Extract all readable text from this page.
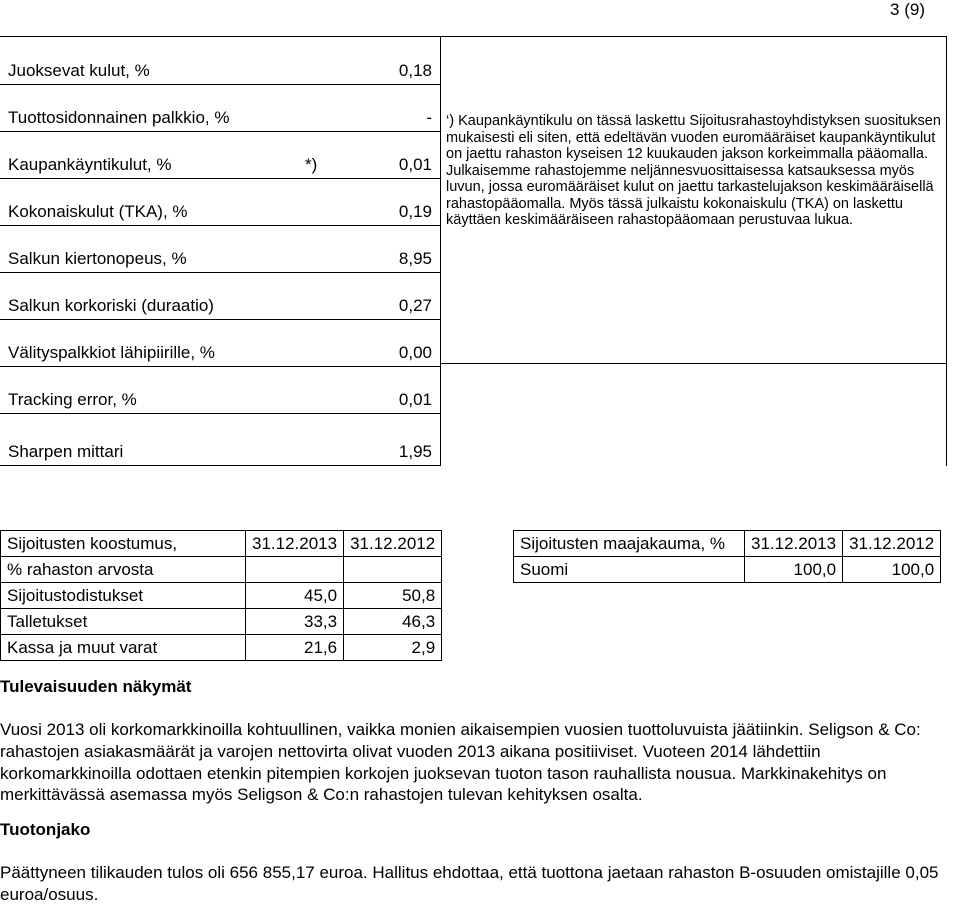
3 (9)
Juoksevat kulut, %	0,18
Tuottosidonnainen palkkio, %	-
Kaupankäyntikulut, %	*)	0,01
Kokonaiskulut (TKA), %	0,19
Salkun kiertonopeus, %	8,95
Salkun korkoriski (duraatio)	0,27
Välityspalkkiot lähipiirille, %	0,00
Tracking error, %	0,01
Sharpen mittari	1,95
‘) Kaupankäyntikulu on tässä laskettu Sijoitusrahastoyhdistyksen suosituksen mukaisesti eli siten, että edeltävän vuoden euromääräiset kaupankäyntikulut on jaettu rahaston kyseisen 12 kuukauden jakson korkeimmalla pääomalla. Julkaisemme rahastojemme neljännesvuosittaisessa katsauksessa myös luvun, jossa euromääräiset kulut on jaettu tarkastelujakson keskimääräisellä rahastopääomalla. Myös tässä julkaistu kokonaiskulu (TKA) on laskettu käyttäen keskimääräiseen rahastopääomaan perustuvaa lukua.
Sijoitusten koostumus,	31.12.2013	31.12.2012
% rahaston arvosta		
Sijoitustodistukset	45,0	50,8
Talletukset	33,3	46,3
Kassa ja muut varat	21,6	2,9
Sijoitusten maajakauma, %	31.12.2013	31.12.2012
Suomi	100,0	100,0
Tulevaisuuden näkymät

Vuosi 2013 oli korkomarkkinoilla kohtuullinen, vaikka monien aikaisempien vuosien tuottoluvuista jäätiinkin. Seligson & Co: rahastojen asiakasmäärät ja varojen nettovirta olivat vuoden 2013 aikana positiiviset. Vuoteen 2014 lähdettiin korkomarkkinoilla odottaen etenkin pitempien korkojen juoksevan tuoton tason rauhallista nousua. Markkinakehitys on merkittävässä asemassa myös Seligson & Co:n rahastojen tulevan kehityksen osalta.

Tuotonjako

Päättyneen tilikauden tulos oli 656 855,17 euroa. Hallitus ehdottaa, että tuottona jaetaan rahaston B-osuuden omistajille 0,05 euroa/osuus.
